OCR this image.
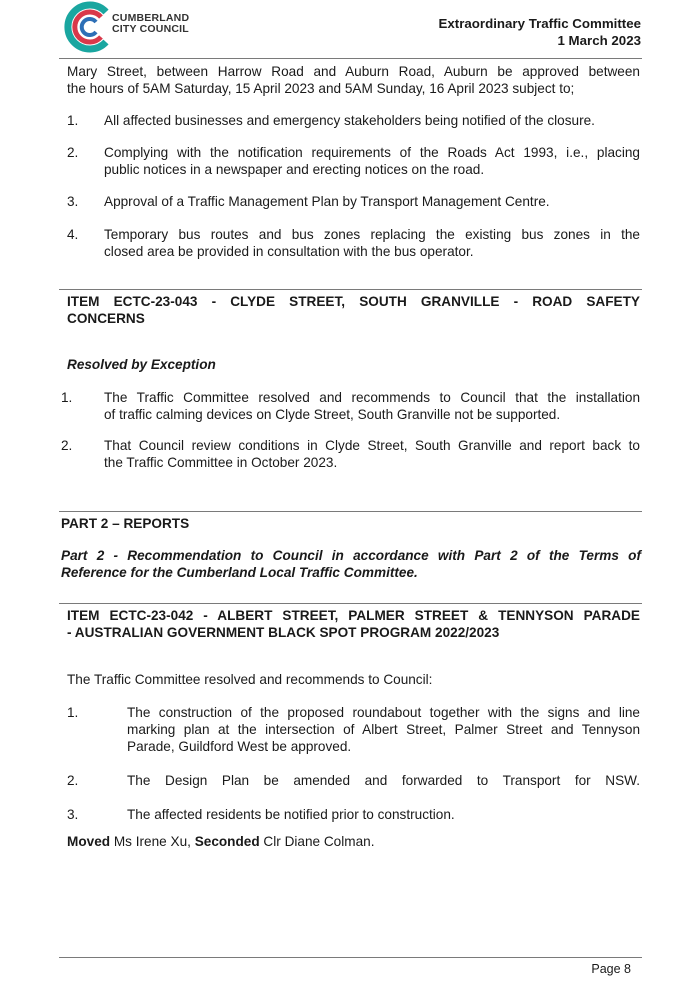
CUMBERLAND
CITY COUNCIL	Extraordinary Traffic Committee
1 March 2023
Mary Street, between Harrow Road and Auburn Road, Auburn be approved between
the hours of 5AM Saturday, 15 April 2023 and 5AM Sunday, 16 April 2023 subject to;
1. All affected businesses and emergency stakeholders being notified of the closure.
2. Complying with the notification requirements of the Roads Act 1993, i.e., placing
public notices in a newspaper and erecting notices on the road.
3. Approval of a Traffic Management Plan by Transport Management Centre.
4. Temporary bus routes and bus zones replacing the existing bus zones in the
closed area be provided in consultation with the bus operator.
ITEM ECTC-23-043 - CLYDE STREET, SOUTH GRANVILLE - ROAD SAFETY
CONCERNS
Resolved by Exception
1. The Traffic Committee resolved and recommends to Council that the installation
of traffic calming devices on Clyde Street, South Granville not be supported.
2. That Council review conditions in Clyde Street, South Granville and report back to
the Traffic Committee in October 2023.
PART 2 – REPORTS
Part 2 - Recommendation to Council in accordance with Part 2 of the Terms of
Reference for the Cumberland Local Traffic Committee.
ITEM ECTC-23-042 - ALBERT STREET, PALMER STREET & TENNYSON PARADE
- AUSTRALIAN GOVERNMENT BLACK SPOT PROGRAM 2022/2023
The Traffic Committee resolved and recommends to Council:
1.	The construction of the proposed roundabout together with the signs and line
marking plan at the intersection of Albert Street, Palmer Street and Tennyson
Parade, Guildford West be approved.
2.	The Design Plan be amended and forwarded to Transport for NSW.
3.	The affected residents be notified prior to construction.
Moved Ms Irene Xu, Seconded Clr Diane Colman.
Page 8
